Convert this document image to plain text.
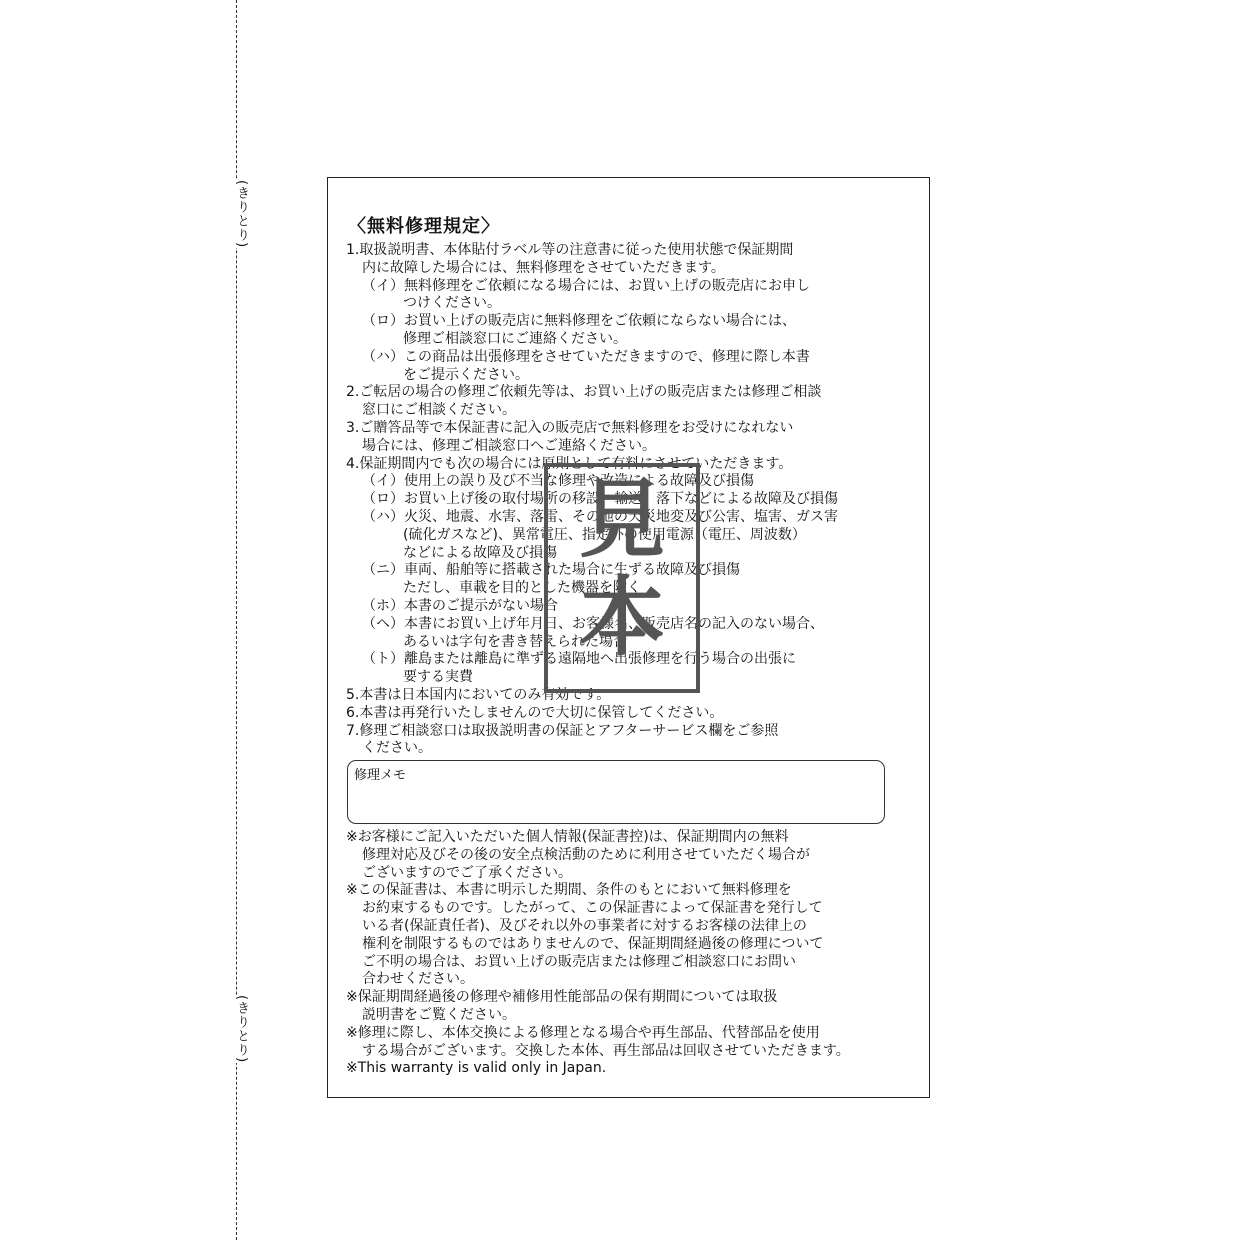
(きりとり)
(きりとり)
〈無料修理規定〉
1.取扱説明書、本体貼付ラベル等の注意書に従った使用状態で保証期間
内に故障した場合には、無料修理をさせていただきます。
（イ）無料修理をご依頼になる場合には、お買い上げの販売店にお申し
つけください。
（ロ）お買い上げの販売店に無料修理をご依頼にならない場合には、
修理ご相談窓口にご連絡ください。
（ハ）この商品は出張修理をさせていただきますので、修理に際し本書
をご提示ください。
2.ご転居の場合の修理ご依頼先等は、お買い上げの販売店または修理ご相談
窓口にご相談ください。
3.ご贈答品等で本保証書に記入の販売店で無料修理をお受けになれない
場合には、修理ご相談窓口へご連絡ください。
4.保証期間内でも次の場合には原則として有料にさせていただきます。
（イ）使用上の誤り及び不当な修理や改造による故障及び損傷
（ロ）お買い上げ後の取付場所の移設、輸送、落下などによる故障及び損傷
（ハ）火災、地震、水害、落雷、その他の天災地変及び公害、塩害、ガス害
(硫化ガスなど)、異常電圧、指定外の使用電源（電圧、周波数）
などによる故障及び損傷
（ニ）車両、船舶等に搭載された場合に生ずる故障及び損傷
ただし、車載を目的とした機器を除く
（ホ）本書のご提示がない場合
（ヘ）本書にお買い上げ年月日、お客様名、販売店名の記入のない場合、
あるいは字句を書き替えられた場合
（ト）離島または離島に準ずる遠隔地へ出張修理を行う場合の出張に
要する実費
5.本書は日本国内においてのみ有効です。
6.本書は再発行いたしませんので大切に保管してください。
7.修理ご相談窓口は取扱説明書の保証とアフターサービス欄をご参照
ください。
修理メモ
※お客様にご記入いただいた個人情報(保証書控)は、保証期間内の無料
修理対応及びその後の安全点検活動のために利用させていただく場合が
ございますのでご了承ください。
※この保証書は、本書に明示した期間、条件のもとにおいて無料修理を
お約束するものです。したがって、この保証書によって保証書を発行して
いる者(保証責任者)、及びそれ以外の事業者に対するお客様の法律上の
権利を制限するものではありませんので、保証期間経過後の修理について
ご不明の場合は、お買い上げの販売店または修理ご相談窓口にお問い
合わせください。
※保証期間経過後の修理や補修用性能部品の保有期間については取扱
説明書をご覧ください。
※修理に際し、本体交換による修理となる場合や再生部品、代替部品を使用
する場合がございます。交換した本体、再生部品は回収させていただきます。
※This warranty is valid only in Japan.
見
本
